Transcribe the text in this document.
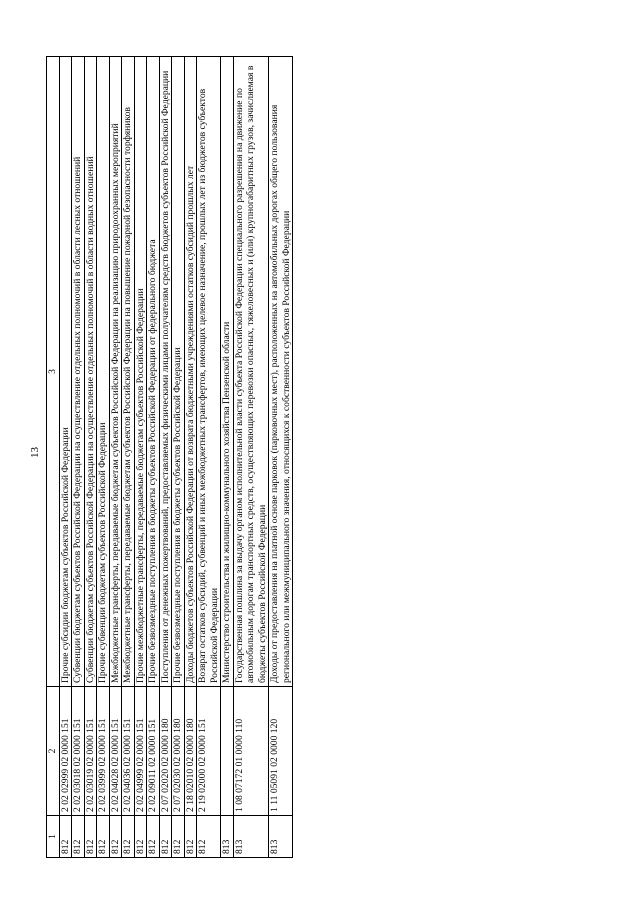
13
1	2	3
812	2 02 02999 02 0000 151	Прочие субсидии бюджетам субъектов Российской Федерации
812	2 02 03018 02 0000 151	Субвенции бюджетам субъектов Российской Федерации на осуществление отдельных полномочий в области лесных отношений
812	2 02 03019 02 0000 151	Субвенции бюджетам субъектов Российской Федерации на осуществление отдельных полномочий в области водных отношений
812	2 02 03999 02 0000 151	Прочие субвенции бюджетам субъектов Российской Федерации
812	2 02 04028 02 0000 151	Межбюджетные трансферты, передаваемые бюджетам субъектов Российской Федерации на реализацию природоохранных мероприятий
812	2 02 04036 02 0000 151	Межбюджетные трансферты, передаваемые бюджетам субъектов Российской Федерации на повышение пожарной безопасности торфяников
812	2 02 04999 02 0000 151	Прочие межбюджетные трансферты, передаваемые бюджетам субъектов Российской Федерации
812	2 02 09011 02 0000 151	Прочие безвозмездные поступления в бюджеты субъектов Российской Федерации от федерального бюджета
812	2 07 02020 02 0000 180	Поступления от денежных пожертвований, предоставляемых физическими лицами получателям средств бюджетов субъектов Российской Федерации
812	2 07 02030 02 0000 180	Прочие безвозмездные поступления в бюджеты субъектов Российской Федерации
812	2 18 02010 02 0000 180	Доходы бюджетов субъектов Российской Федерации от возврата бюджетными учреждениями остатков субсидий прошлых лет
812	2 19 02000 02 0000 151	Возврат остатков субсидий, субвенций и иных межбюджетных трансфертов, имеющих целевое назначение, прошлых лет из бюджетов субъектов Российской Федерации
813		Министерство строительства и жилищно-коммунального хозяйства Пензенской области
813	1 08 07172 01 0000 110	Государственная пошлина за выдачу органом исполнительной власти субъекта Российской Федерации специального разрешения на движение по автомобильным дорогам транспортных средств, осуществляющих перевозки опасных, тяжеловесных и (или) крупногабаритных грузов, зачисляемая в бюджеты субъектов Российской Федерации
813	1 11 05091 02 0000 120	Доходы от предоставления на платной основе парковок (парковочных мест), расположенных на автомобильных дорогах общего пользования регионального или межмуниципального значения, относящихся к собственности субъектов Российской Федерации
